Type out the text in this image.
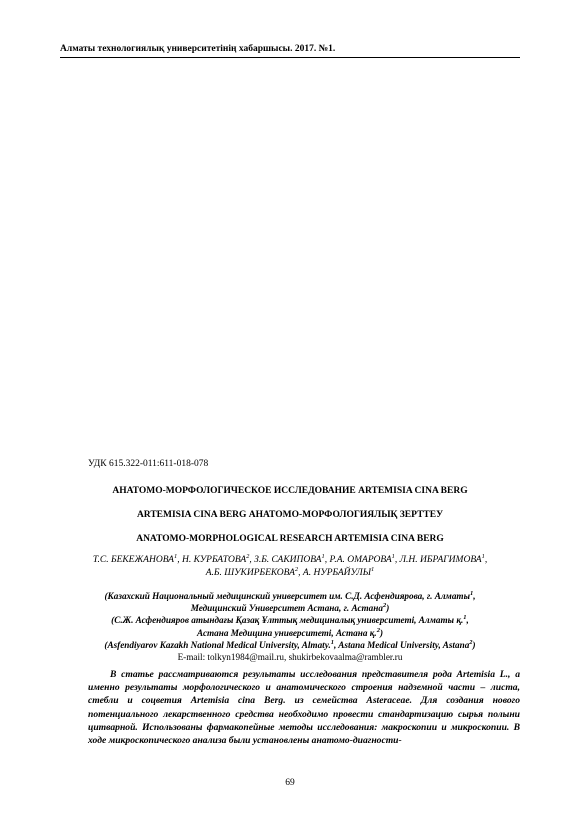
Алматы технологиялық университетінің хабаршысы. 2017. №1.
УДК 615.322-011:611-018-078
АНАТОМО-МОРФОЛОГИЧЕСКОЕ ИССЛЕДОВАНИЕ ARTEMISIA CINA BERG
ARTEMISIA CINA BERG АНАТОМО-МОРФОЛОГИЯЛЫҚ ЗЕРТТЕУ
ANATOMO-MORPHOLOGICAL RESEARCH ARTEMISIA CINA BERG
Т.С. БЕКЕЖАНОВА$^1$, Н. КУРБАТОВА$^2$, З.Б. САКИПОВА$^1$, Р.А. ОМАРОВА$^1$, Л.Н. ИБРАГИМОВА$^1$,
А.Б. ШУКИРБЕКОВА$^2$, А. НУРБАЙУЛЫ$^1$
(Казахский Национальный медицинский университет им. С.Д. Асфендиярова, г. Алматы$^1$,
Медицинский Университет Астана, г. Астана$^2$)
(С.Ж. Асфендияров атындағы Қазақ Ұлттық медициналық университеті, Алматы қ.$^1$,
Астана Медицина университеті, Астана қ.$^2$)
(Asfendiyarov Kazakh National Medical University, Almaty.$^1$, Astana Medical University, Astana$^2$)
E-mail: tolkyn1984@mail.ru, shukirbekovaalma@rambler.ru
В статье рассматриваются результаты исследования представителя рода Artemisia L., а именно результаты морфологического и анатомического строения надземной части – листа, стебли и соцветия Artemisia cina Berg. из семейства Asteraceae. Для создания нового потенциального лекарственного средства необходимо провести стандартизацию сырья полыни цитварной. Использованы фармакопейные методы исследования: макроскопии и микроскопии. В ходе микроскопического анализа были установлены анатомо-диагности-
69
